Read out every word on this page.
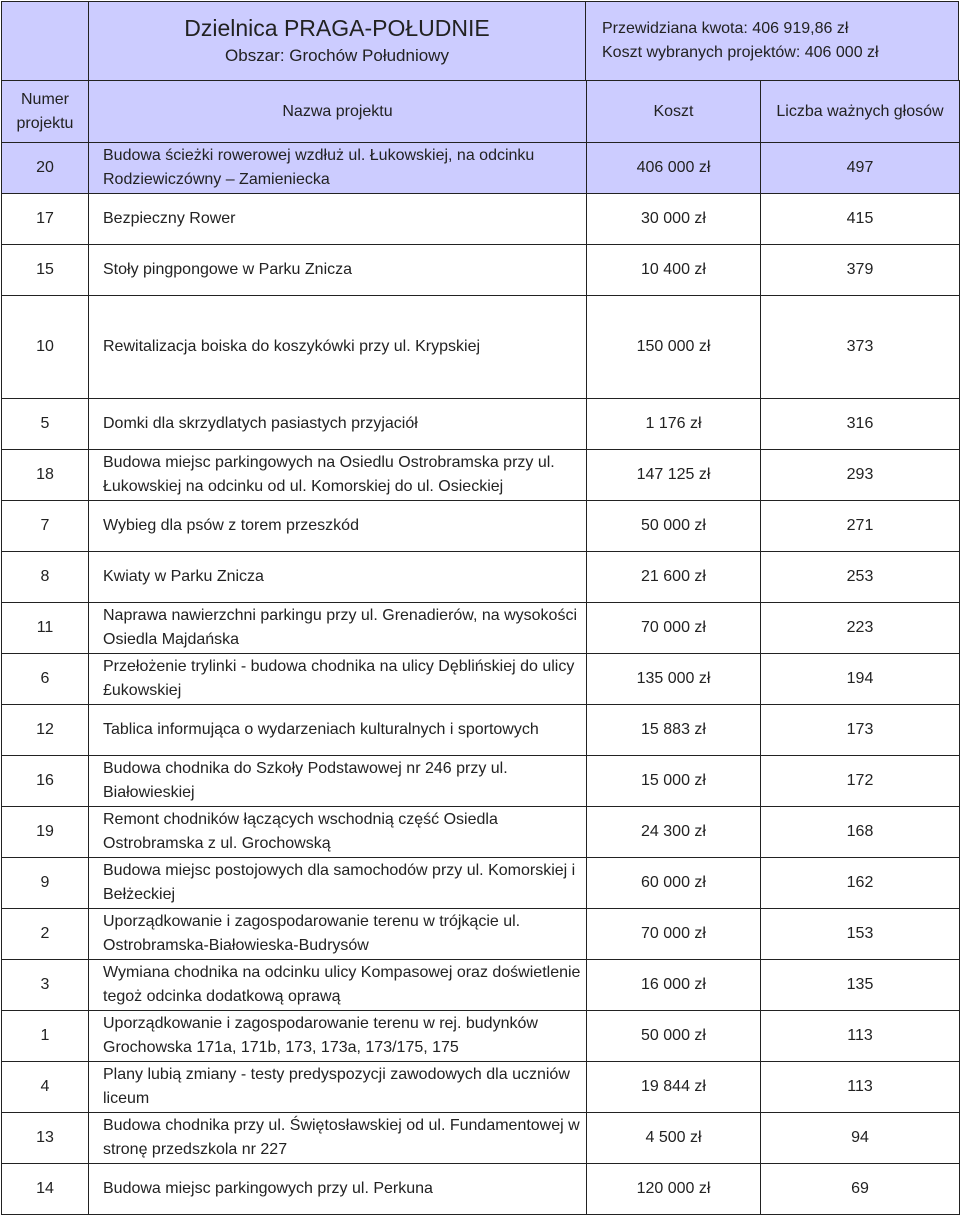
Dzielnica PRAGA-POŁUDNIE
Obszar: Grochów Południowy
Przewidziana kwota: 406 919,86 zł
Koszt wybranych projektów: 406 000 zł
Numer projektu	Nazwa projektu	Koszt	Liczba ważnych głosów
20	Budowa ścieżki rowerowej wzdłuż ul. Łukowskiej, na odcinku Rodziewiczówny – Zamieniecka	406 000 zł	497
17	Bezpieczny Rower	30 000 zł	415
15	Stoły pingpongowe w Parku Znicza	10 400 zł	379
10	Rewitalizacja boiska do koszykówki przy ul. Krypskiej	150 000 zł	373
5	Domki dla skrzydlatych pasiastych przyjaciół	1 176 zł	316
18	Budowa miejsc parkingowych na Osiedlu Ostrobramska przy ul. Łukowskiej na odcinku od ul. Komorskiej do ul. Osieckiej	147 125 zł	293
7	Wybieg dla psów z torem przeszkód	50 000 zł	271
8	Kwiaty w Parku Znicza	21 600 zł	253
11	Naprawa nawierzchni parkingu przy ul. Grenadierów, na wysokości Osiedla Majdańska	70 000 zł	223
6	Przełożenie trylinki - budowa chodnika na ulicy Dęblińskiej do ulicy £ukowskiej	135 000 zł	194
12	Tablica informująca o wydarzeniach kulturalnych i sportowych	15 883 zł	173
16	Budowa chodnika do Szkoły Podstawowej nr 246 przy ul. Białowieskiej	15 000 zł	172
19	Remont chodników łączących wschodnią część Osiedla Ostrobramska z ul. Grochowską	24 300 zł	168
9	Budowa miejsc postojowych dla samochodów przy ul. Komorskiej i Bełżeckiej	60 000 zł	162
2	Uporządkowanie i zagospodarowanie terenu w trójkącie ul. Ostrobramska-Białowieska-Budrysów	70 000 zł	153
3	Wymiana chodnika na odcinku ulicy Kompasowej oraz doświetlenie tegoż odcinka dodatkową oprawą	16 000 zł	135
1	Uporządkowanie i zagospodarowanie terenu w rej. budynków Grochowska 171a, 171b, 173, 173a, 173/175, 175	50 000 zł	113
4	Plany lubią zmiany - testy predyspozycji zawodowych dla uczniów liceum	19 844 zł	113
13	Budowa chodnika przy ul. Świętosławskiej od ul. Fundamentowej w stronę przedszkola nr 227	4 500 zł	94
14	Budowa miejsc parkingowych przy ul. Perkuna	120 000 zł	69
